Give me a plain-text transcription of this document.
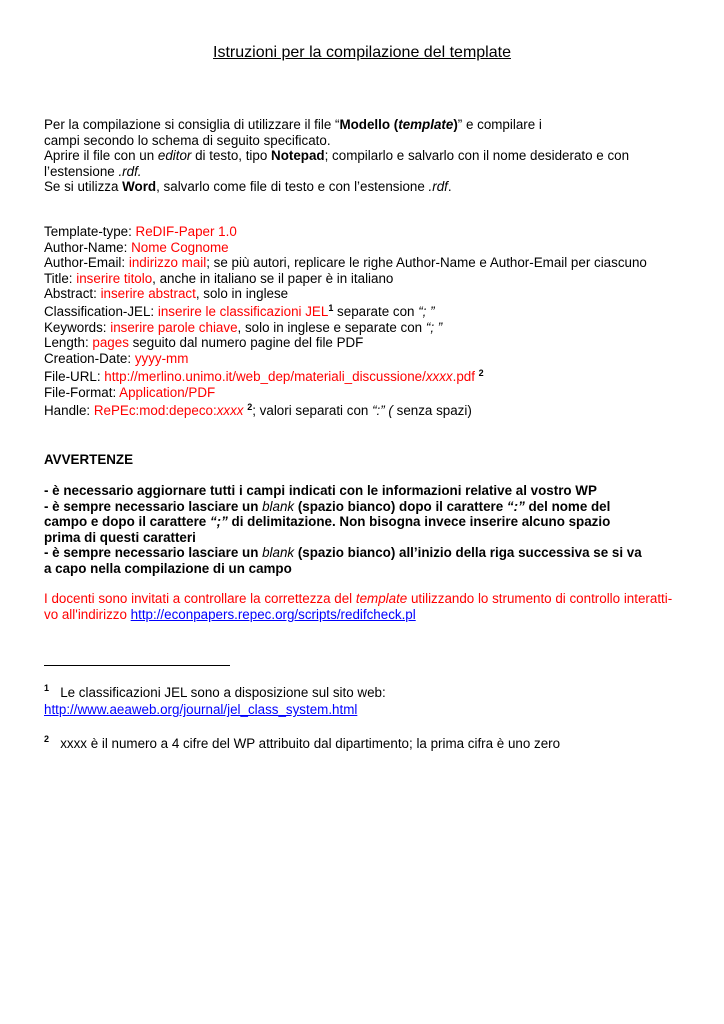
Istruzioni per la compilazione del template
Per la compilazione si consiglia di utilizzare il file “Modello (template)” e compilare i
campi secondo lo schema di seguito specificato.
Aprire il file con un editor di testo, tipo Notepad; compilarlo e salvarlo con il nome desiderato e con
l’estensione .rdf.
Se si utilizza Word, salvarlo come file di testo e con l’estensione .rdf.
Template-type: ReDIF-Paper 1.0
Author-Name: Nome Cognome
Author-Email: indirizzo mail; se più autori, replicare le righe Author-Name e Author-Email per ciascuno
Title: inserire titolo, anche in italiano se il paper è in italiano
Abstract: inserire abstract, solo in inglese
Classification-JEL: inserire le classificazioni JEL$^1$ separate con “; ”
Keywords: inserire parole chiave, solo in inglese e separate con “; ”
Length: pages seguito dal numero pagine del file PDF
Creation-Date: yyyy-mm
File-URL: http://merlino.unimo.it/web_dep/materiali_discussione/xxxx.pdf $^2$
File-Format: Application/PDF
Handle: RePEc:mod:depeco:xxxx $^2$; valori separati con “:” ( senza spazi)
AVVERTENZE
- è necessario aggiornare tutti i campi indicati con le informazioni relative al vostro WP
- è sempre necessario lasciare un blank (spazio bianco) dopo il carattere “:” del nome del
campo e dopo il carattere “;” di delimitazione. Non bisogna invece inserire alcuno spazio
prima di questi caratteri
- è sempre necessario lasciare un blank (spazio bianco) all’inizio della riga successiva se si va
a capo nella compilazione di un campo
I docenti sono invitati a controllare la correttezza del template utilizzando lo strumento di controllo interatti-
vo all'indirizzo http://econpapers.repec.org/scripts/redifcheck.pl
$^1$ Le classificazioni JEL sono a disposizione sul sito web:
http://www.aeaweb.org/journal/jel_class_system.html
$^2$ xxxx è il numero a 4 cifre del WP attribuito dal dipartimento; la prima cifra è uno zero
